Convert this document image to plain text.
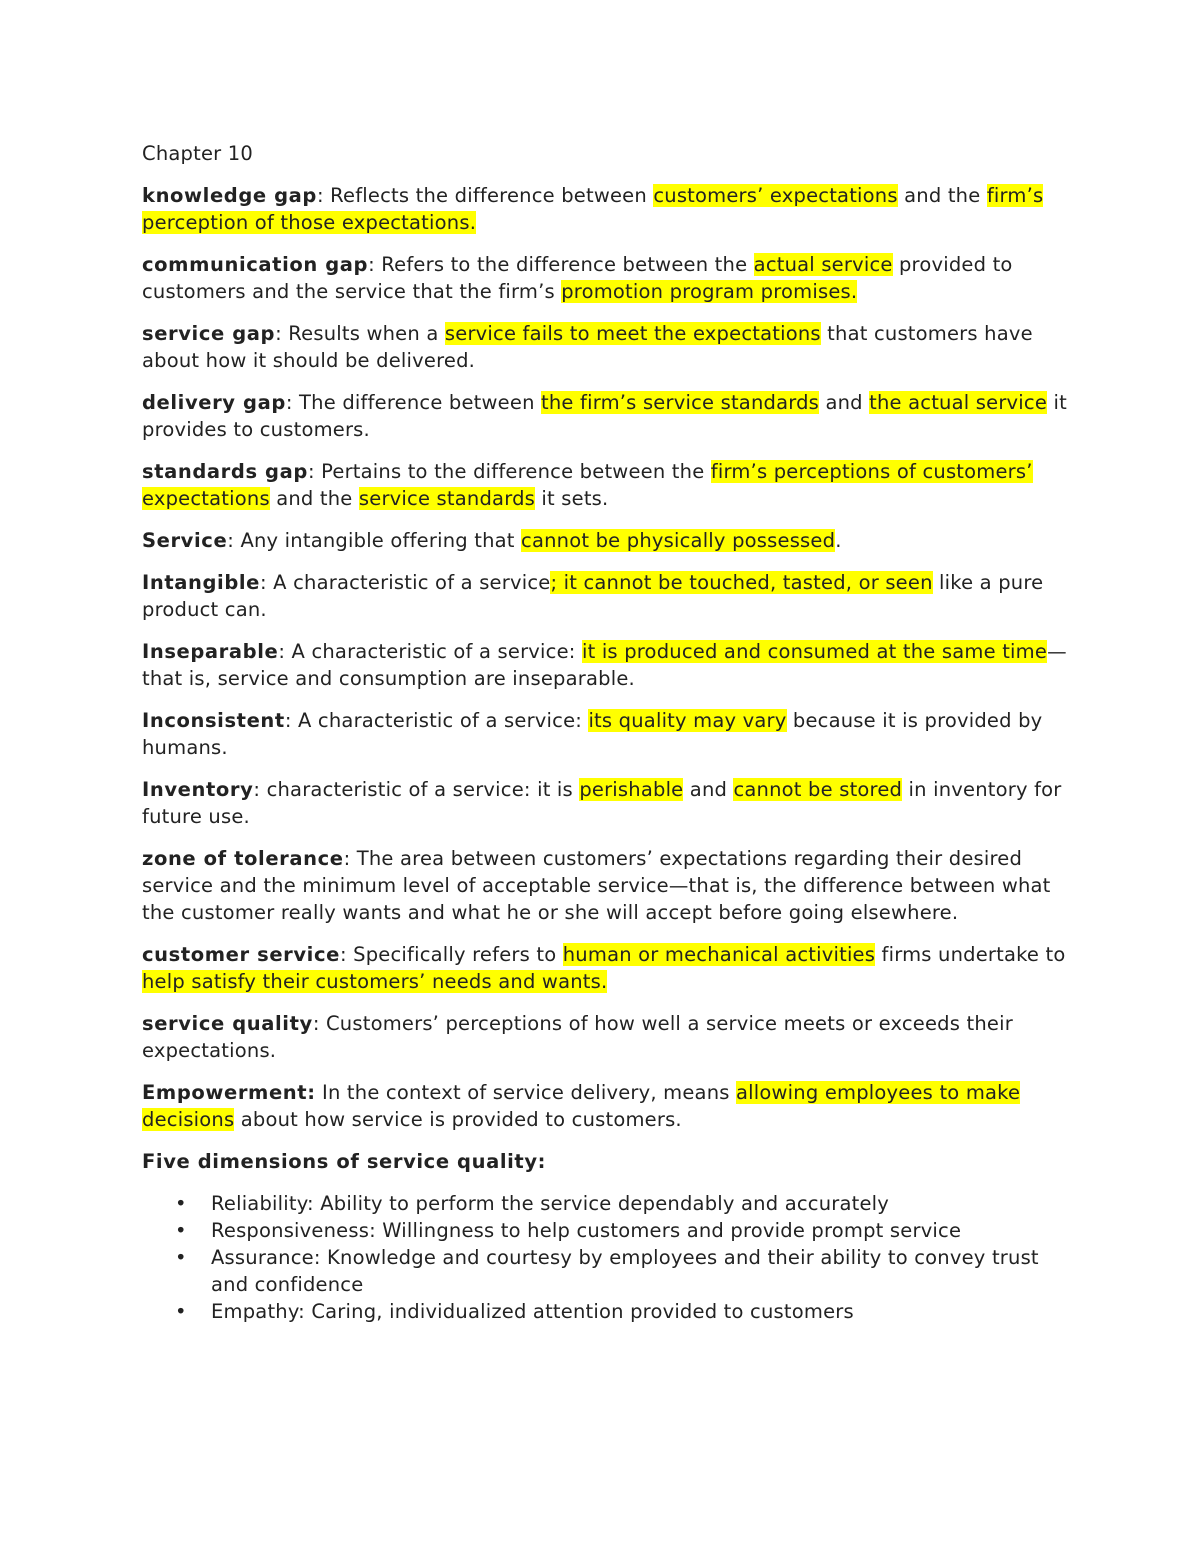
Chapter 10
knowledge gap: Reflects the difference between customers’ expectations and the firm’s perception of those expectations.
communication gap: Refers to the difference between the actual service provided to customers and the service that the firm’s promotion program promises.
service gap: Results when a service fails to meet the expectations that customers have about how it should be delivered.
delivery gap: The difference between the firm’s service standards and the actual service it provides to customers.
standards gap: Pertains to the difference between the firm’s perceptions of customers’ expectations and the service standards it sets.
Service: Any intangible offering that cannot be physically possessed.
Intangible: A characteristic of a service; it cannot be touched, tasted, or seen like a pure product can.
Inseparable: A characteristic of a service: it is produced and consumed at the same time—that is, service and consumption are inseparable.
Inconsistent: A characteristic of a service: its quality may vary because it is provided by humans.
Inventory: characteristic of a service: it is perishable and cannot be stored in inventory for future use.
zone of tolerance: The area between customers’ expectations regarding their desired service and the minimum level of acceptable service—that is, the difference between what the customer really wants and what he or she will accept before going elsewhere.
customer service: Specifically refers to human or mechanical activities firms undertake to help satisfy their customers’ needs and wants.
service quality: Customers’ perceptions of how well a service meets or exceeds their expectations.
Empowerment: In the context of service delivery, means allowing employees to make decisions about how service is provided to customers.
Five dimensions of service quality:
• Reliability: Ability to perform the service dependably and accurately
• Responsiveness: Willingness to help customers and provide prompt service
• Assurance: Knowledge and courtesy by employees and their ability to convey trust and confidence
• Empathy: Caring, individualized attention provided to customers
